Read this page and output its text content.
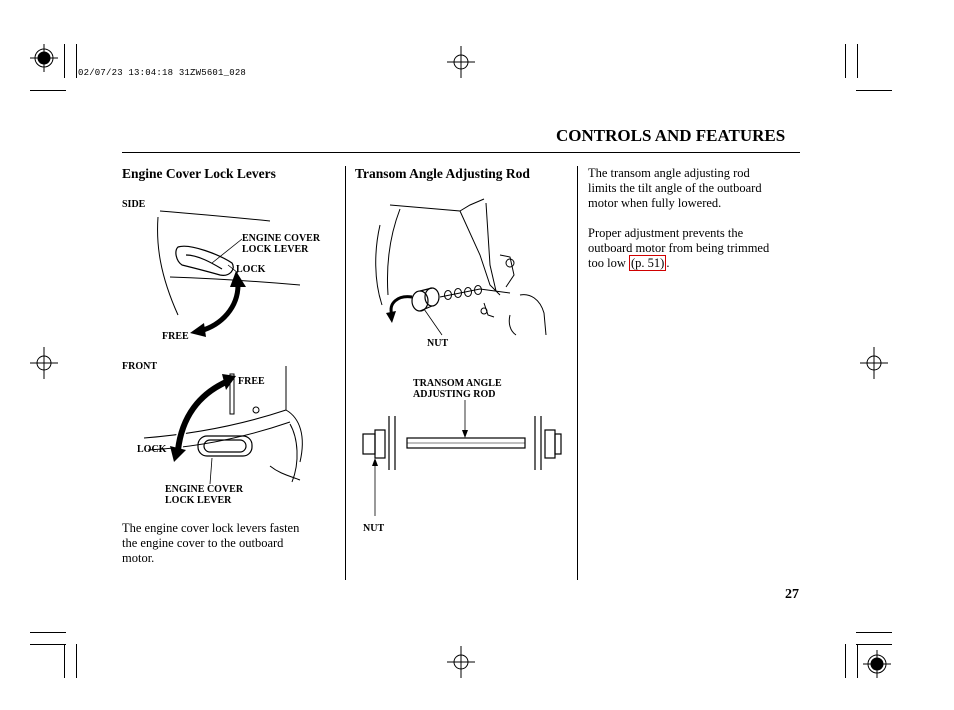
02/07/23 13:04:18 31ZW5601_028
CONTROLS AND FEATURES
Engine Cover Lock Levers
SIDE
ENGINE COVER
LOCK LEVER
LOCK
FREE
FRONT
FREE
LOCK
ENGINE COVER
LOCK LEVER
The engine cover lock levers fasten
the engine cover to the outboard
motor.
Transom Angle Adjusting Rod
NUT
TRANSOM ANGLE
ADJUSTING ROD
NUT
The transom angle adjusting rod
limits the tilt angle of the outboard
motor when fully lowered.
Proper adjustment prevents the
outboard motor from being trimmed
too low (p. 51) .
27
